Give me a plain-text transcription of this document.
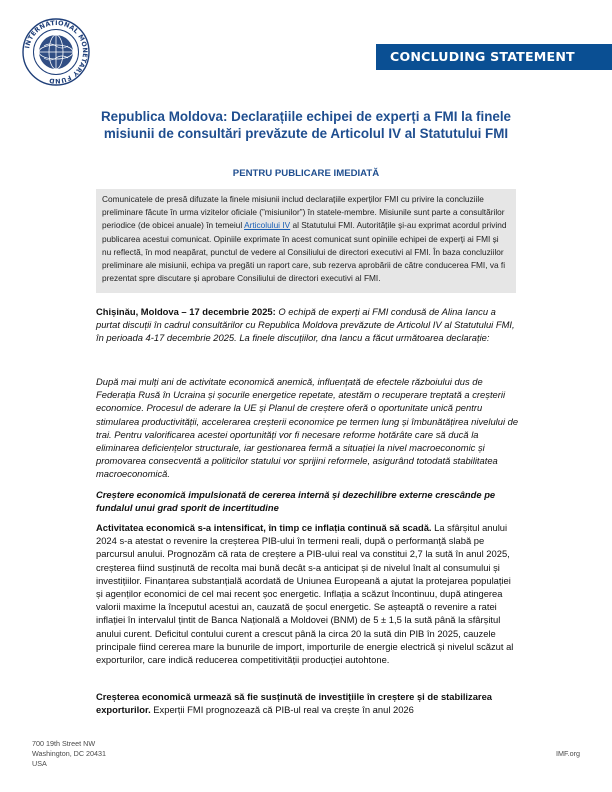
INTERNATIONAL MONETARY FUND
CONCLUDING STATEMENT
Republica Moldova: Declarațiile echipei de experți a FMI la finele misiunii de consultări prevăzute de Articolul IV al Statutului FMI
PENTRU PUBLICARE IMEDIATĂ
Comunicatele de presă difuzate la finele misiunii includ declarațiile experților FMI cu privire la concluziile preliminare făcute în urma vizitelor oficiale (”misiunilor”) în statele-membre. Misiunile sunt parte a consultărilor periodice (de obicei anuale) în temeiul Articolului IV al Statutului FMI. Autoritățile și-au exprimat acordul privind publicarea acestui comunicat. Opiniile exprimate în acest comunicat sunt opiniile echipei de experți ai FMI și nu reflectă, în mod neapărat, punctul de vedere al Consiliului de directori executivi al FMI. În baza concluziilor preliminare ale misiunii, echipa va pregăti un raport care, sub rezerva aprobării de către conducerea FMI, va fi prezentat spre discutare și aprobare Consiliului de directori executivi al FMI.

Chișinău, Moldova – 17 decembrie 2025: O echipă de experți ai FMI condusă de Alina Iancu a purtat discuții în cadrul consultărilor cu Republica Moldova prevăzute de Articolul IV al Statutului FMI, în perioada 4-17 decembrie 2025. La finele discuțiilor, dna Iancu a făcut următoarea declarație:

După mai mulți ani de activitate economică anemică, influențată de efectele războiului dus de Federația Rusă în Ucraina și șocurile energetice repetate, atestăm o recuperare treptată a creșterii economice. Procesul de aderare la UE și Planul de creștere oferă o oportunitate unică pentru stimularea productivității, accelerarea creșterii economice pe termen lung și îmbunătățirea nivelului de trai. Pentru valorificarea acestei oportunități vor fi necesare reforme hotărâte care să ducă la eliminarea deficiențelor structurale, iar gestionarea fermă a situației la nivel macroeconomic și promovarea consecventă a politicilor statului vor sprijini reformele, asigurând totodată stabilitatea macroeconomică.

Creștere economică impulsionată de cererea internă și dezechilibre externe crescânde pe fundalul unui grad sporit de incertitudine

Activitatea economică s-a intensificat, în timp ce inflația continuă să scadă. La sfârșitul anului 2024 s-a atestat o revenire la creșterea PIB-ului în termeni reali, după o performanță slabă pe parcursul anului. Prognozăm că rata de creștere a PIB-ului real va constitui 2,7 la sută în anul 2025, creșterea fiind susținută de recolta mai bună decât s-a anticipat și de nivelul înalt al consumului și investițiilor. Finanțarea substanțială acordată de Uniunea Europeană a ajutat la protejarea populației și agenților economici de cel mai recent șoc energetic. Inflația a scăzut încontinuu, după atingerea valorii maxime la începutul acestui an, cauzată de șocul energetic. Se așteaptă o revenire a ratei inflației în intervalul țintit de Banca Națională a Moldovei (BNM) de 5 ± 1,5 la sută până la sfârșitul anului curent. Deficitul contului curent a crescut până la circa 20 la sută din PIB în 2025, cauzele principale fiind cererea mare la bunurile de import, importurile de energie electrică și nivelul scăzut al exporturilor, care indică reducerea competitivității producției autohtone.

Creșterea economică urmează să fie susținută de investițiile în creștere și de stabilizarea exporturilor. Experții FMI prognozează că PIB-ul real va crește în anul 2026

700 19th Street NW
Washington, DC 20431
USA
IMF.org
